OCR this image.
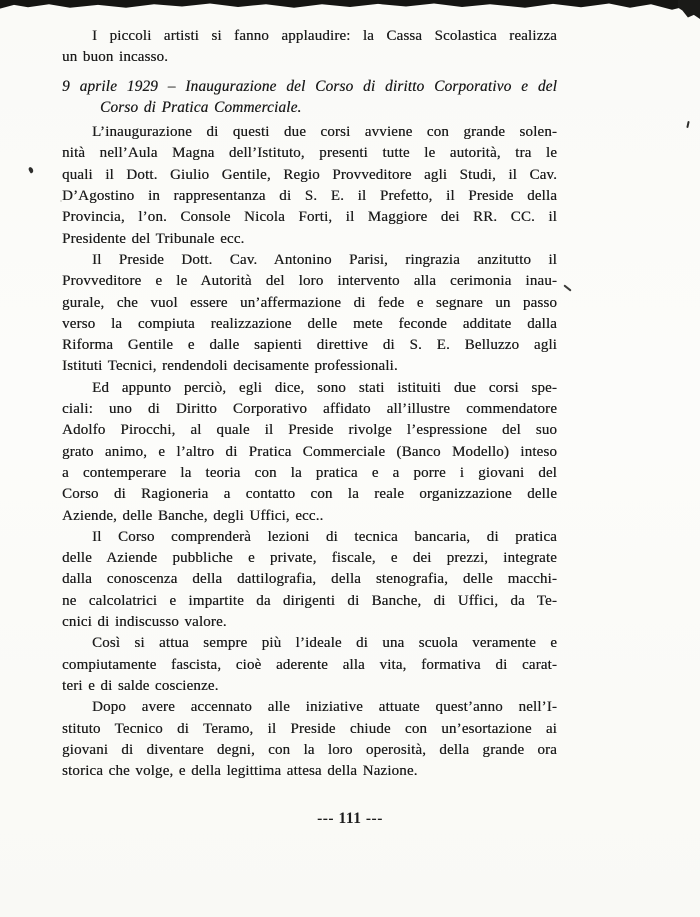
I piccoli artisti si fanno applaudire: la Cassa Scolastica realizza
un buon incasso.

9 aprile 1929 – Inaugurazione del Corso di diritto Corporativo e del
Corso di Pratica Commerciale.

L’inaugurazione di questi due corsi avviene con grande solen-
nità nell’Aula Magna dell’Istituto, presenti tutte le autorità, tra le
quali il Dott. Giulio Gentile, Regio Provveditore agli Studi, il Cav.
D’Agostino in rappresentanza di S. E. il Prefetto, il Preside della
Provincia, l’on. Console Nicola Forti, il Maggiore dei RR. CC. il
Presidente del Tribunale ecc.

Il Preside Dott. Cav. Antonino Parisi, ringrazia anzitutto il
Provveditore e le Autorità del loro intervento alla cerimonia inau-
gurale, che vuol essere un’affermazione di fede e segnare un passo
verso la compiuta realizzazione delle mete feconde additate dalla
Riforma Gentile e dalle sapienti direttive di S. E. Belluzzo agli
Istituti Tecnici, rendendoli decisamente professionali.

Ed appunto perciò, egli dice, sono stati istituiti due corsi spe-
ciali: uno di Diritto Corporativo affidato all’illustre commendatore
Adolfo Pirocchi, al quale il Preside rivolge l’espressione del suo
grato animo, e l’altro di Pratica Commerciale (Banco Modello) inteso
a contemperare la teoria con la pratica e a porre i giovani del
Corso di Ragioneria a contatto con la reale organizzazione delle
Aziende, delle Banche, degli Uffici, ecc..

Il Corso comprenderà lezioni di tecnica bancaria, di pratica
delle Aziende pubbliche e private, fiscale, e dei prezzi, integrate
dalla conoscenza della dattilografia, della stenografia, delle macchi-
ne calcolatrici e impartite da dirigenti di Banche, di Uffici, da Te-
cnici di indiscusso valore.

Così si attua sempre più l’ideale di una scuola veramente e
compiutamente fascista, cioè aderente alla vita, formativa di carat-
teri e di salde coscienze.

Dopo avere accennato alle iniziative attuate quest’anno nell’I-
stituto Tecnico di Teramo, il Preside chiude con un’esortazione ai
giovani di diventare degni, con la loro operosità, della grande ora
storica che volge, e della legittima attesa della Nazione.

--- 111 ---
